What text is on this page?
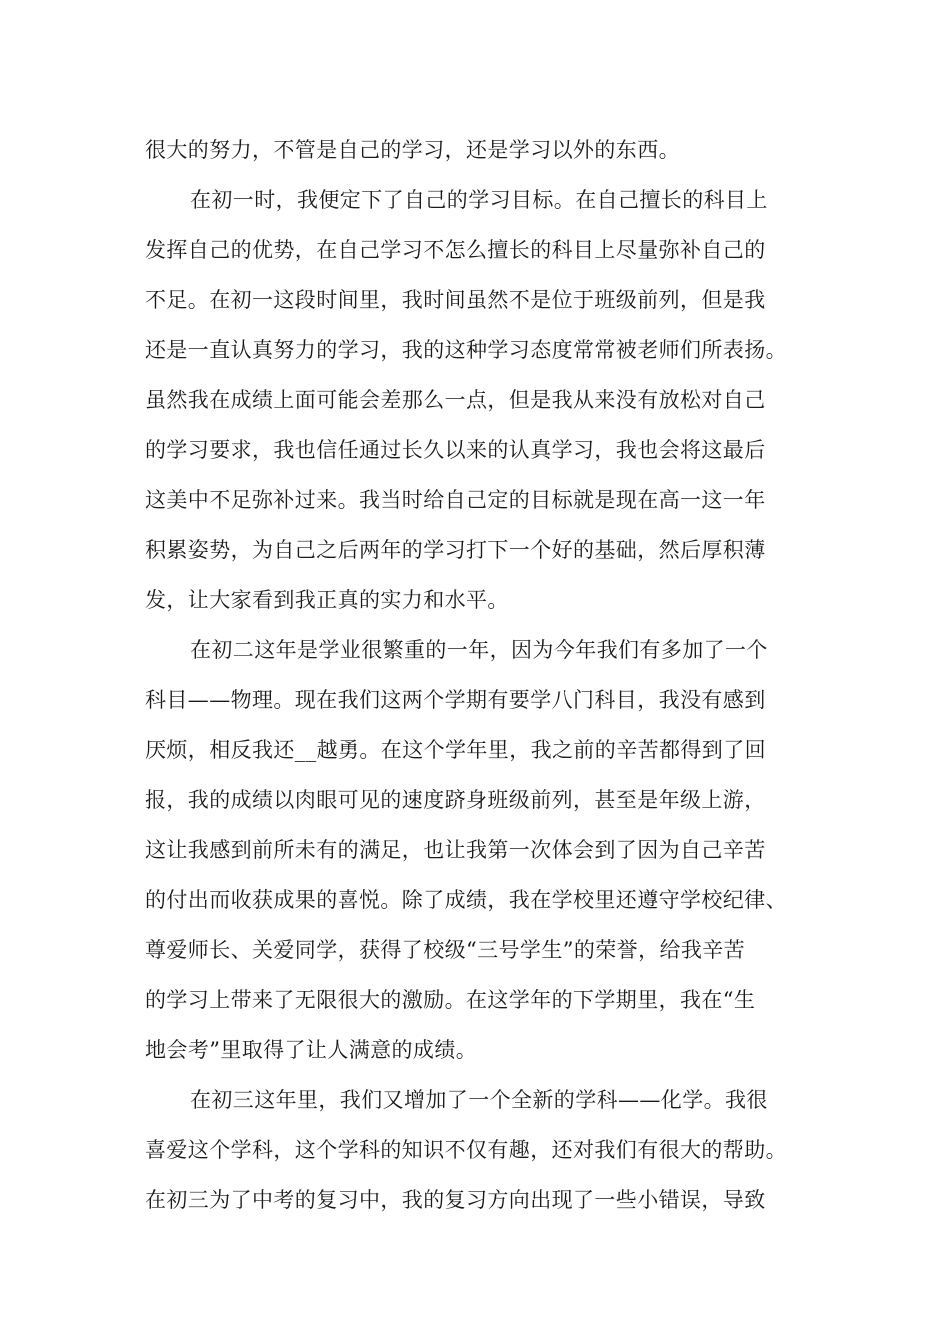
很大的努力，不管是自己的学习，还是学习以外的东西。
在初一时，我便定下了自己的学习目标。在自己擅长的科目上
发挥自己的优势，在自己学习不怎么擅长的科目上尽量弥补自己的
不足。在初一这段时间里，我时间虽然不是位于班级前列，但是我
还是一直认真努力的学习，我的这种学习态度常常被老师们所表扬。
虽然我在成绩上面可能会差那么一点，但是我从来没有放松对自己
的学习要求，我也信任通过长久以来的认真学习，我也会将这最后
这美中不足弥补过来。我当时给自己定的目标就是现在高一这一年
积累姿势，为自己之后两年的学习打下一个好的基础，然后厚积薄
发，让大家看到我正真的实力和水平。
在初二这年是学业很繁重的一年，因为今年我们有多加了一个
科目——物理。现在我们这两个学期有要学八门科目，我没有感到
厌烦，相反我还__越勇。在这个学年里，我之前的辛苦都得到了回
报，我的成绩以肉眼可见的速度跻身班级前列，甚至是年级上游，
这让我感到前所未有的满足，也让我第一次体会到了因为自己辛苦
的付出而收获成果的喜悦。除了成绩，我在学校里还遵守学校纪律、
尊爱师长、关爱同学，获得了校级“三号学生”的荣誉，给我辛苦
的学习上带来了无限很大的激励。在这学年的下学期里，我在“生
地会考”里取得了让人满意的成绩。
在初三这年里，我们又增加了一个全新的学科——化学。我很
喜爱这个学科，这个学科的知识不仅有趣，还对我们有很大的帮助。
在初三为了中考的复习中，我的复习方向出现了一些小错误，导致
